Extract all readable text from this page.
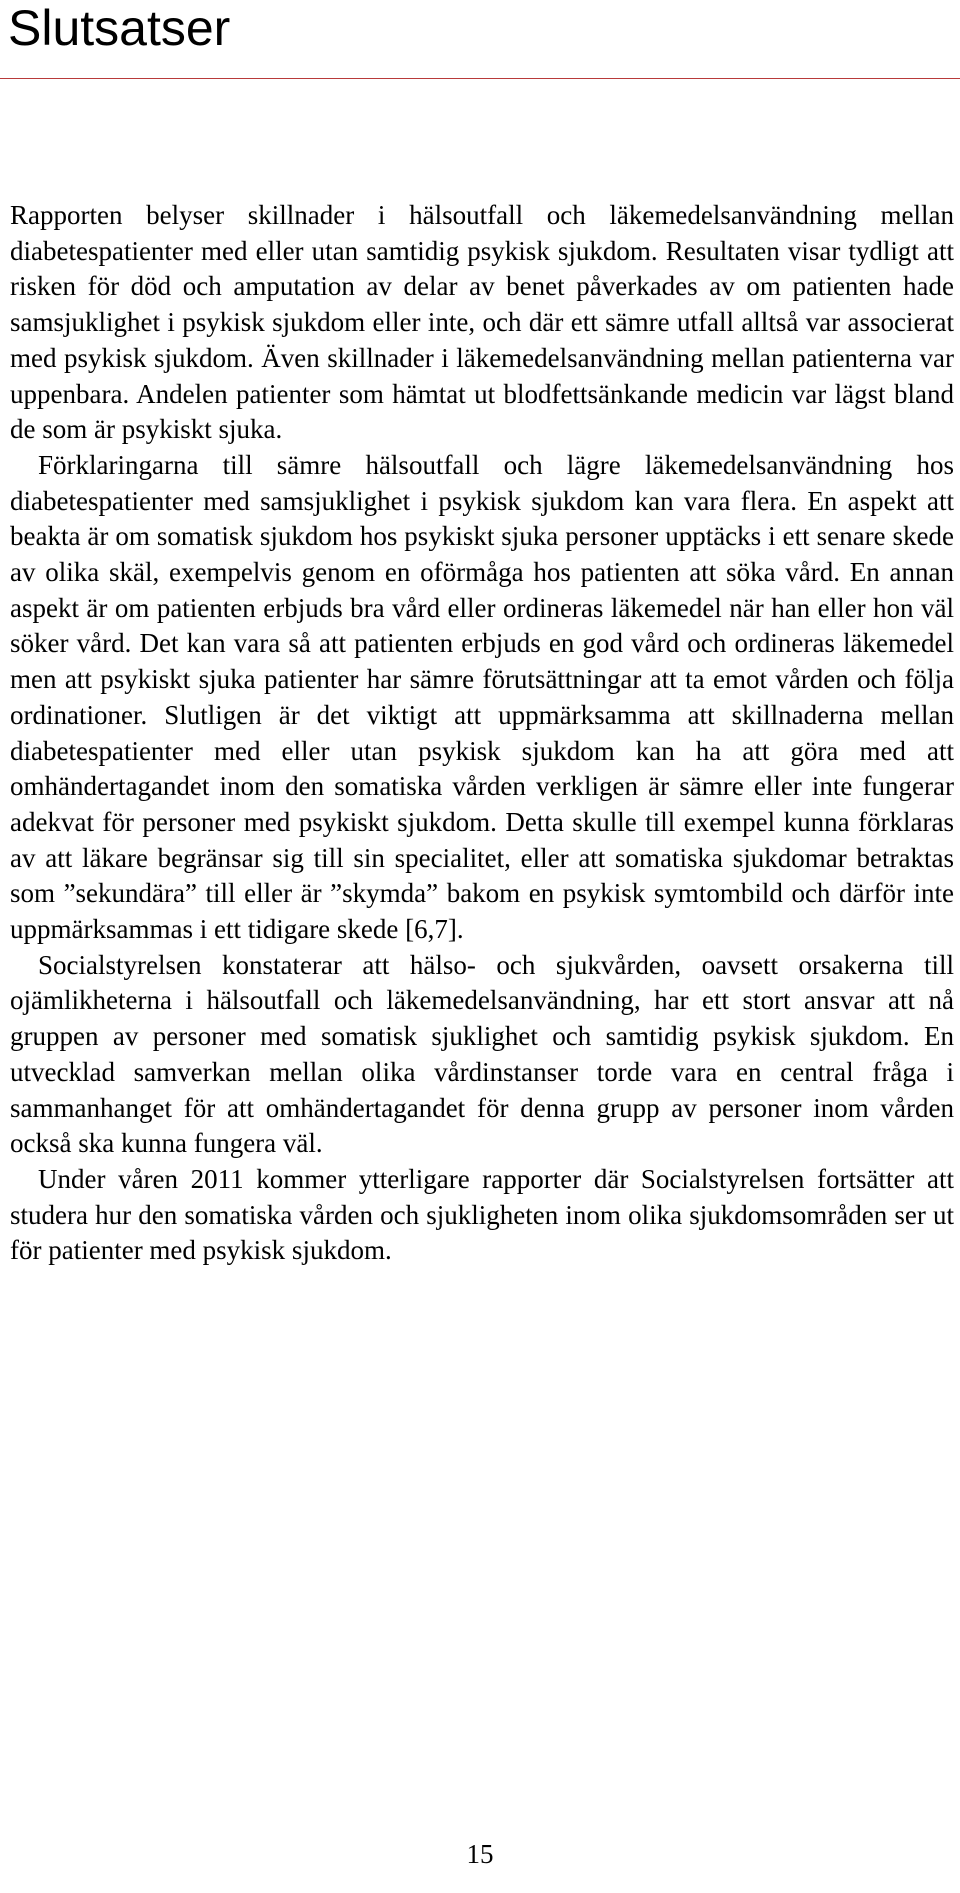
Slutsatser

Rapporten belyser skillnader i hälsoutfall och läkemedelsanvändning mellan diabetespatienter med eller utan samtidig psykisk sjukdom. Resultaten visar tydligt att risken för död och amputation av delar av benet påverkades av om patienten hade samsjuklighet i psykisk sjukdom eller inte, och där ett sämre utfall alltså var associerat med psykisk sjukdom. Även skillnader i läkemedelsanvändning mellan patienterna var uppenbara. Andelen patienter som hämtat ut blodfettsänkande medicin var lägst bland de som är psykiskt sjuka.

Förklaringarna till sämre hälsoutfall och lägre läkemedelsanvändning hos diabetespatienter med samsjuklighet i psykisk sjukdom kan vara flera. En aspekt att beakta är om somatisk sjukdom hos psykiskt sjuka personer upptäcks i ett senare skede av olika skäl, exempelvis genom en oförmåga hos patienten att söka vård. En annan aspekt är om patienten erbjuds bra vård eller ordineras läkemedel när han eller hon väl söker vård. Det kan vara så att patienten erbjuds en god vård och ordineras läkemedel men att psykiskt sjuka patienter har sämre förutsättningar att ta emot vården och följa ordinationer. Slutligen är det viktigt att uppmärksamma att skillnaderna mellan diabetespatienter med eller utan psykisk sjukdom kan ha att göra med att omhändertagandet inom den somatiska vården verkligen är sämre eller inte fungerar adekvat för personer med psykiskt sjukdom. Detta skulle till exempel kunna förklaras av att läkare begränsar sig till sin specialitet, eller att somatiska sjukdomar betraktas som ”sekundära” till eller är ”skymda” bakom en psykisk symtombild och därför inte uppmärksammas i ett tidigare skede [6,7].

Socialstyrelsen konstaterar att hälso- och sjukvården, oavsett orsakerna till ojämlikheterna i hälsoutfall och läkemedelsanvändning, har ett stort ansvar att nå gruppen av personer med somatisk sjuklighet och samtidig psykisk sjukdom. En utvecklad samverkan mellan olika vårdinstanser torde vara en central fråga i sammanhanget för att omhändertagandet för denna grupp av personer inom vården också ska kunna fungera väl.

Under våren 2011 kommer ytterligare rapporter där Socialstyrelsen fortsätter att studera hur den somatiska vården och sjukligheten inom olika sjukdomsområden ser ut för patienter med psykisk sjukdom.

15
